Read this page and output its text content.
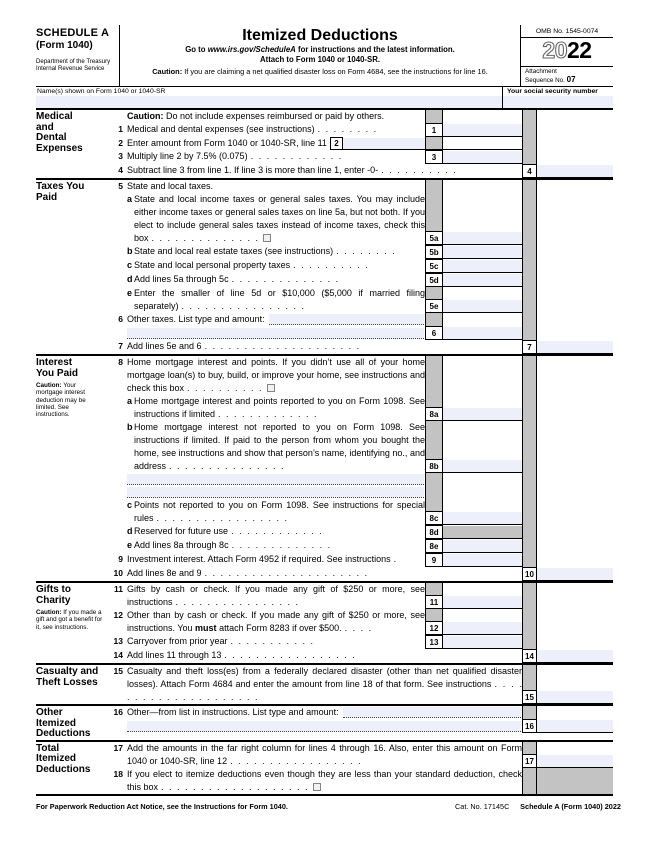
SCHEDULE A
(Form 1040)
Department of the Treasury
Internal Revenue Service
Itemized Deductions
Go to www.irs.gov/ScheduleA for instructions and the latest information.
Attach to Form 1040 or 1040-SR.
Caution: If you are claiming a net qualified disaster loss on Form 4684, see the instructions for line 16.
OMB No. 1545-0074
20 22
Attachment
Sequence No. 07
Name(s) shown on Form 1040 or 1040-SR	Your social security number
Medical
and
Dental
Expenses
Caution: Do not include expenses reimbursed or paid by others.
1 Medical and dental expenses (see instructions) . . . . . . . .	1
2 Enter amount from Form 1040 or 1040-SR, line 11 2
3 Multiply line 2 by 7.5% (0.075) . . . . . . . . . . . .	3
4 Subtract line 3 from line 1. If line 3 is more than line 1, enter -0- . . . . . . . . . .	4
Taxes You
Paid
5 State and local taxes.
a State and local income taxes or general sales taxes. You may include either income taxes or general sales taxes on line 5a, but not both. If you elect to include general sales taxes instead of income taxes, check this box . . . . . . . . . . . . . .	5a
b State and local real estate taxes (see instructions) . . . . . . . .	5b
c State and local personal property taxes . . . . . . . . . .	5c
d Add lines 5a through 5c . . . . . . . . . . . . . .	5d
e Enter the smaller of line 5d or $10,000 ($5,000 if married filing separately) . . . . . . . . . . . . . . . .	5e
6 Other taxes. List type and amount:
6
7 Add lines 5e and 6 . . . . . . . . . . . . . . . . . . . .	7
Interest
You Paid
Caution: Your mortgage interest deduction may be limited. See instructions.
8 Home mortgage interest and points. If you didn’t use all of your home mortgage loan(s) to buy, build, or improve your home, see instructions and check this box . . . . . . . . . .
a Home mortgage interest and points reported to you on Form 1098. See instructions if limited . . . . . . . . . . . . .	8a
b Home mortgage interest not reported to you on Form 1098. See instructions if limited. If paid to the person from whom you bought the home, see instructions and show that person’s name, identifying no., and address . . . . . . . . . . . . . . .	8b
c Points not reported to you on Form 1098. See instructions for special rules . . . . . . . . . . . . . . . . .	8c
d Reserved for future use . . . . . . . . . . . .	8d
e Add lines 8a through 8c . . . . . . . . . . . . .	8e
9 Investment interest. Attach Form 4952 if required. See instructions .	9
10 Add lines 8e and 9 . . . . . . . . . . . . . . . . . . . . .	10
Gifts to
Charity
Caution: If you made a gift and got a benefit for it, see instructions.
11 Gifts by cash or check. If you made any gift of $250 or more, see instructions . . . . . . . . . . . . . . . .	11
12 Other than by cash or check. If you made any gift of $250 or more, see instructions. You must attach Form 8283 if over $500. . . . .	12
13 Carryover from prior year . . . . . . . . . . .	13
14 Add lines 11 through 13 . . . . . . . . . . . . . . . . .	14
Casualty and
Theft Losses
15 Casualty and theft loss(es) from a federally declared disaster (other than net qualified disaster losses). Attach Form 4684 and enter the amount from line 18 of that form. See instructions . . . . . . . . . . . . . . . . . . . . .	15
Other
Itemized
Deductions
16 Other—from list in instructions. List type and amount:
16
Total
Itemized
Deductions
17 Add the amounts in the far right column for lines 4 through 16. Also, enter this amount on Form 1040 or 1040-SR, line 12 . . . . . . . . . . . . . . . . .	17
18 If you elect to itemize deductions even though they are less than your standard deduction, check this box . . . . . . . . . . . . . . . . . . .
For Paperwork Reduction Act Notice, see the Instructions for Form 1040.	Cat. No. 17145C Schedule A (Form 1040) 2022
